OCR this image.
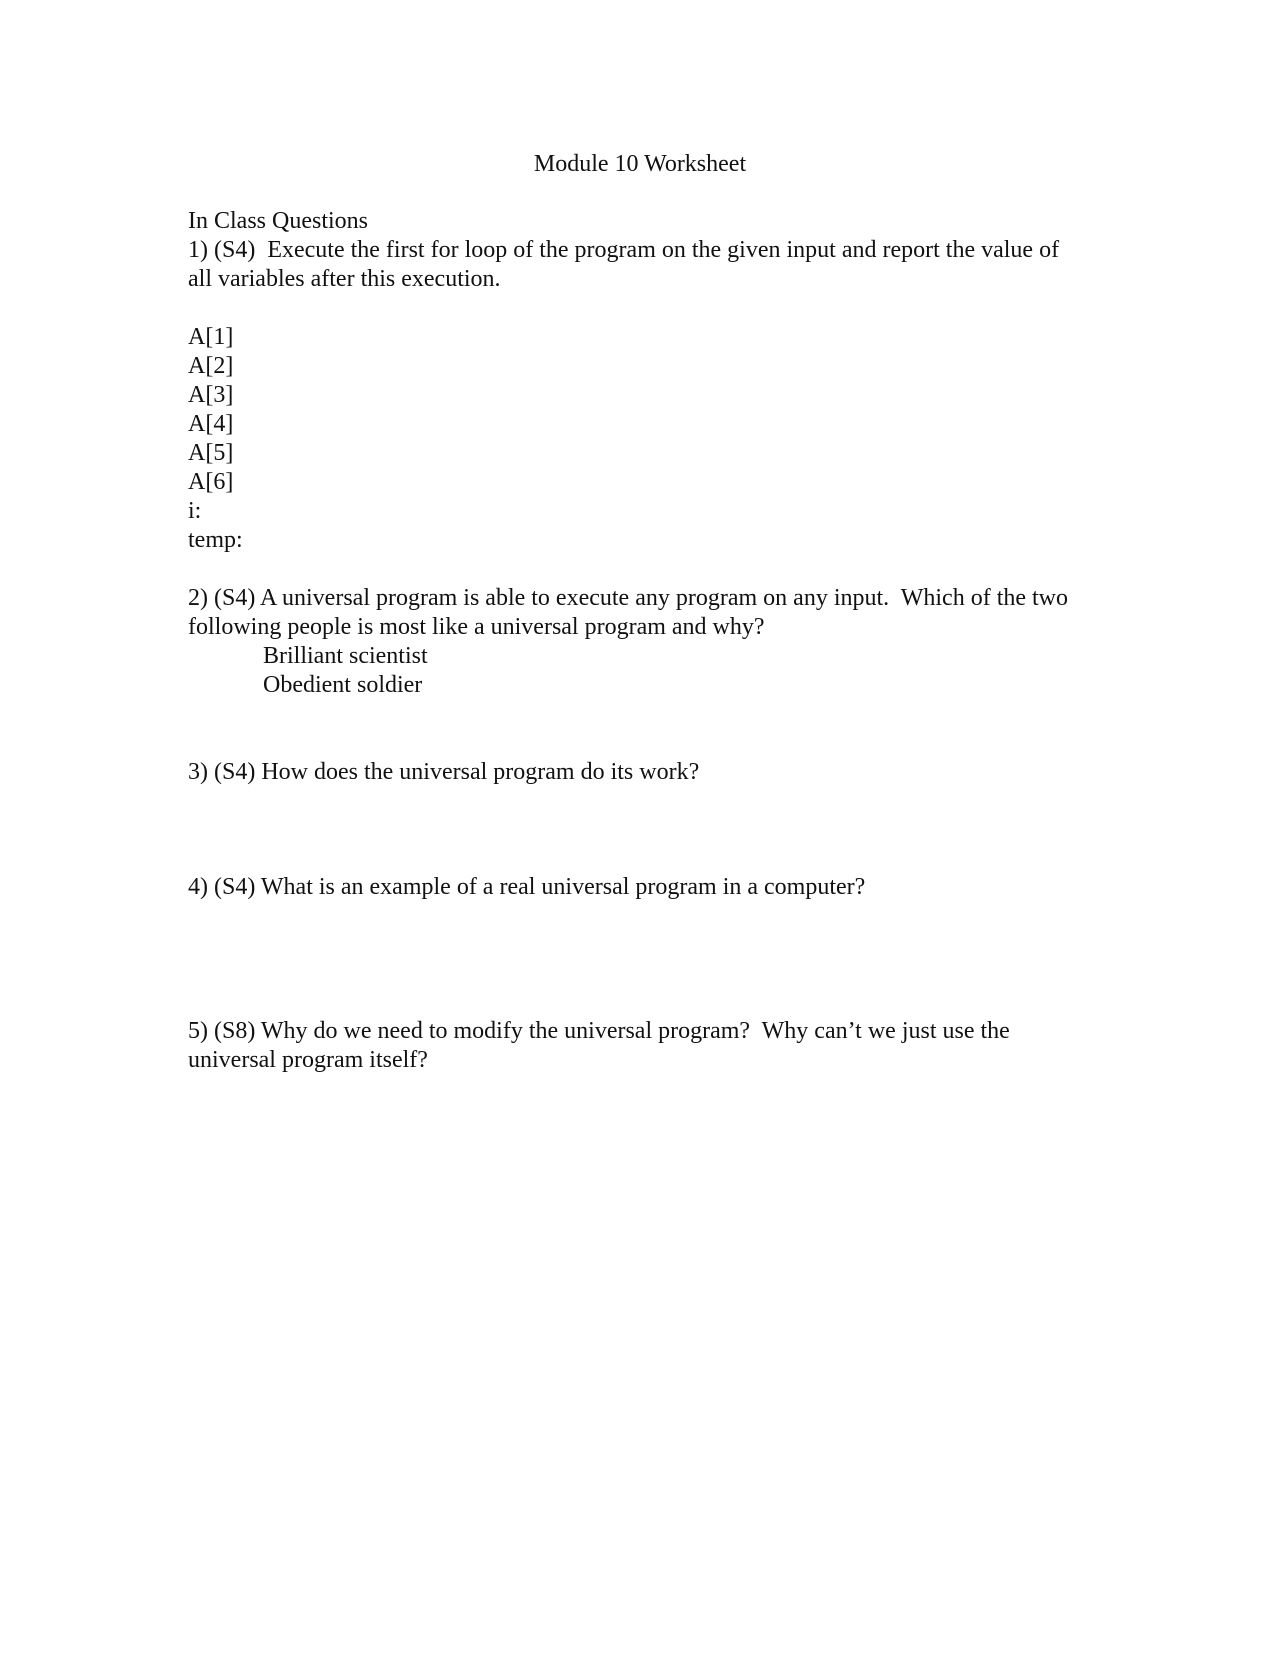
Module 10 Worksheet
In Class Questions
1) (S4)  Execute the first for loop of the program on the given input and report the value of all variables after this execution.
A[1]
A[2]
A[3]
A[4]
A[5]
A[6]
i:
temp:
2) (S4) A universal program is able to execute any program on any input.  Which of the two following people is most like a universal program and why?
Brilliant scientist
Obedient soldier
3) (S4) How does the universal program do its work?
4) (S4) What is an example of a real universal program in a computer?
5) (S8) Why do we need to modify the universal program?  Why can’t we just use the universal program itself?
